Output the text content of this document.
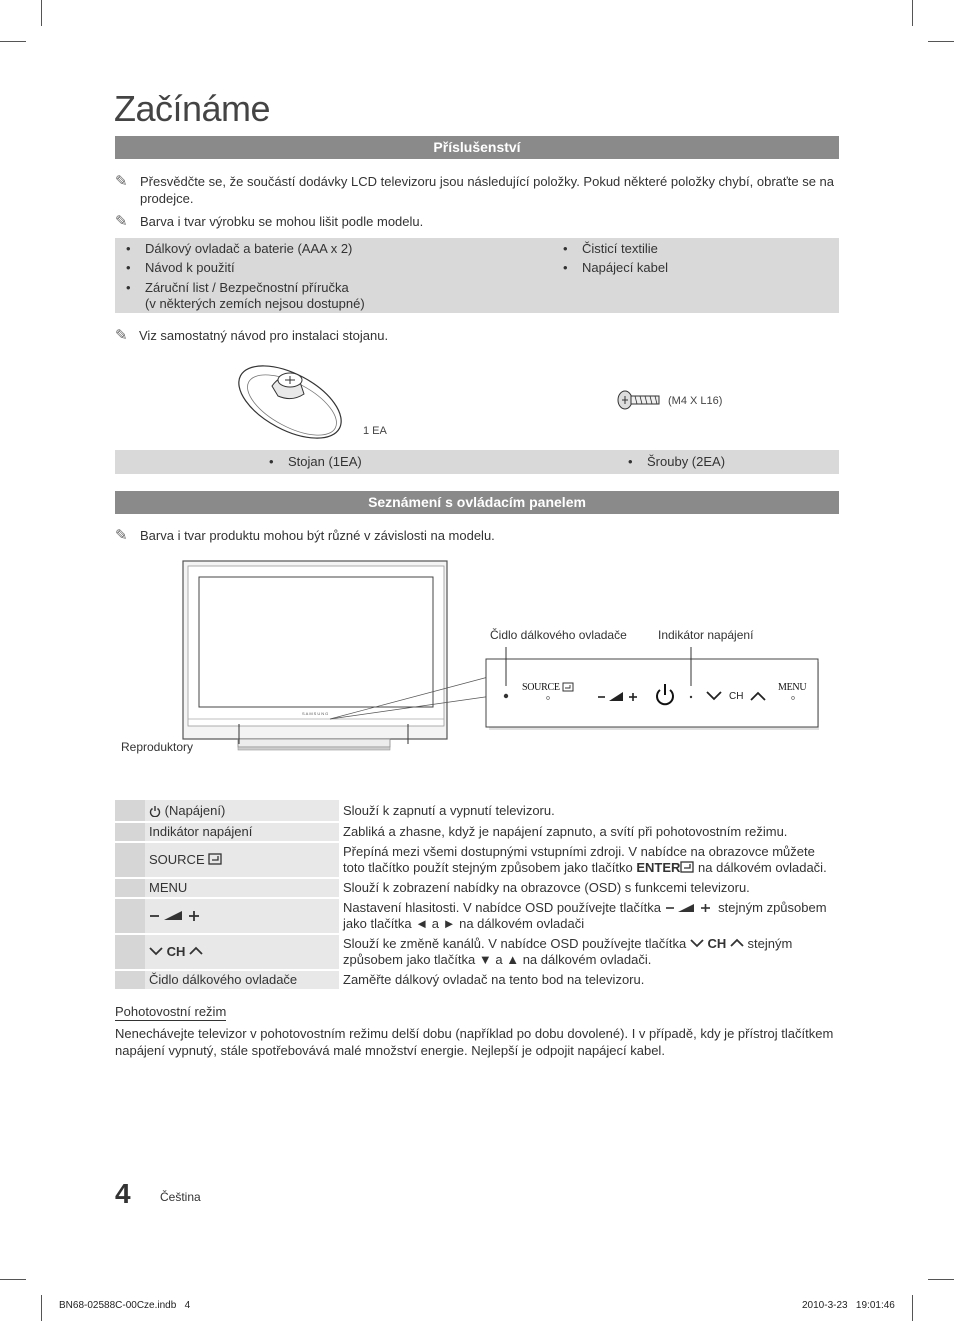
Začínáme
Příslušenství
✎ Přesvědčte se, že součástí dodávky LCD televizoru jsou následující položky. Pokud některé položky chybí, obraťte se na prodejce.
✎ Barva i tvar výrobku se mohou lišit podle modelu.
• Dálkový ovladač a baterie (AAA x 2)
• Návod k použití
• Záruční list / Bezpečnostní příručka
(v některých zemích nejsou dostupné)
• Čisticí textilie
• Napájecí kabel
✎ Viz samostatný návod pro instalaci stojanu.
1 EA
(M4 X L16)
• Stojan (1EA)	• Šrouby (2EA)
Seznámení s ovládacím panelem
✎ Barva i tvar produktu mohou být různé v závislosti na modelu.
SAMSUNG
Čidlo dálkového ovladače	Indikátor napájení
Reproduktory
SOURCE
CH
MENU
	(Napájení)	Slouží k zapnutí a vypnutí televizoru.
	Indikátor napájení	Zabliká a zhasne, když je napájení zapnuto, a svítí při pohotovostním režimu.
	SOURCE	Přepíná mezi všemi dostupnými vstupními zdroji. V nabídce na obrazovce můžete toto tlačítko použít stejným způsobem jako tlačítko ENTER na dálkovém ovladači.
	MENU	Slouží k zobrazení nabídky na obrazovce (OSD) s funkcemi televizoru.
		Nastavení hlasitosti. V nabídce OSD používejte tlačítka stejným způsobem jako tlačítka ◄ a ► na dálkovém ovladači
	CH	Slouží ke změně kanálů. V nabídce OSD používejte tlačítka  CH  stejným způsobem jako tlačítka ▼ a ▲ na dálkovém ovladači.
	Čidlo dálkového ovladače	Zaměřte dálkový ovladač na tento bod na televizoru.
Pohotovostní režim
Nenechávejte televizor v pohotovostním režimu delší dobu (například po dobu dovolené). I v případě, kdy je přístroj tlačítkem napájení vypnutý, stále spotřebovává malé množství energie. Nejlepší je odpojit napájecí kabel.
4 Čeština
BN68-02588C-00Cze.indb   4	2010-3-23   19:01:46
